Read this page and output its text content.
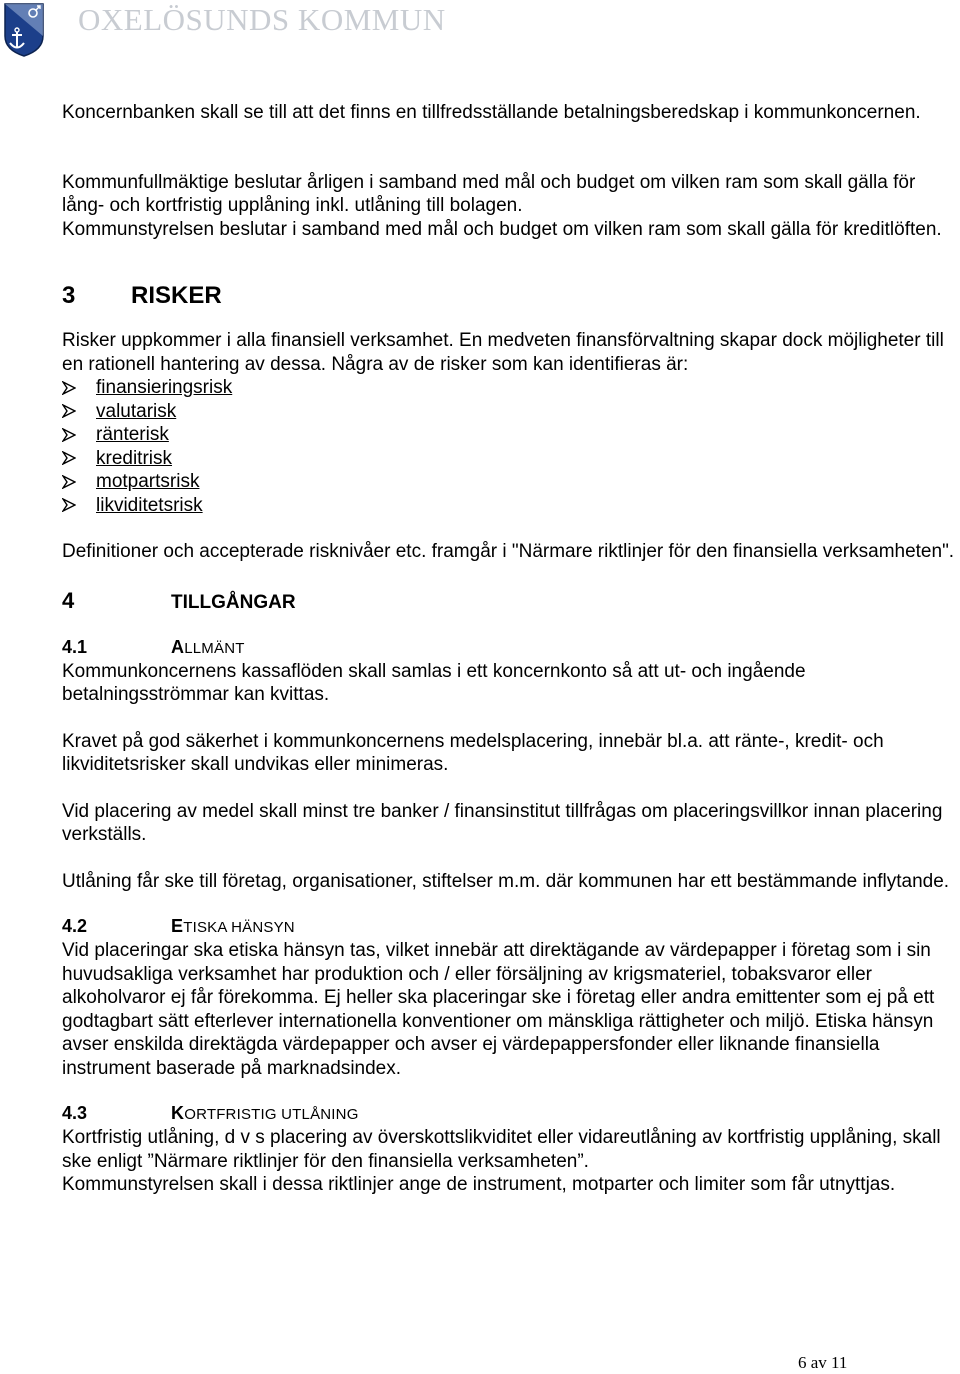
OXELÖSUNDS KOMMUN

Koncernbanken skall se till att det finns en tillfredsställande betalningsberedskap i kommunkoncernen.

Kommunfullmäktige beslutar årligen i samband med mål och budget om vilken ram som skall gälla för lång- och kortfristig upplåning inkl. utlåning till bolagen.

Kommunstyrelsen beslutar i samband med mål och budget om vilken ram som skall gälla för kreditlöften.

3	RISKER

Risker uppkommer i alla finansiell verksamhet. En medveten finansförvaltning skapar dock möjligheter till en rationell hantering av dessa. Några av de risker som kan identifieras är:

finansieringsrisk
valutarisk
ränterisk
kreditrisk
motpartsrisk
likviditetsrisk

Definitioner och accepterade risknivåer etc. framgår i "Närmare riktlinjer för den finansiella verksamheten".

4	TILLGÅNGAR
4.1	ALLMÄNT

Kommunkoncernens kassaflöden skall samlas i ett koncernkonto så att ut- och ingående betalningsströmmar kan kvittas.

Kravet på god säkerhet i kommunkoncernens medelsplacering, innebär bl.a. att ränte-, kredit- och likviditetsrisker skall undvikas eller minimeras.

Vid placering av medel skall minst tre banker / finansinstitut tillfrågas om placeringsvillkor innan placering verkställs.

Utlåning får ske till företag, organisationer, stiftelser m.m. där kommunen har ett bestämmande inflytande.

4.2	ETISKA HÄNSYN

Vid placeringar ska etiska hänsyn tas, vilket innebär att direktägande av värdepapper i företag som i sin huvudsakliga verksamhet har produktion och / eller försäljning av krigsmateriel, tobaksvaror eller alkoholvaror ej får förekomma. Ej heller ska placeringar ske i företag eller andra emittenter som ej på ett godtagbart sätt efterlever internationella konventioner om mänskliga rättigheter och miljö. Etiska hänsyn avser enskilda direktägda värdepapper och avser ej värdepappersfonder eller liknande finansiella instrument baserade på marknadsindex.

4.3	KORTFRISTIG UTLÅNING

Kortfristig utlåning, d v s placering av överskottslikviditet eller vidareutlåning av kortfristig upplåning, skall ske enligt ”Närmare riktlinjer för den finansiella verksamheten”.

Kommunstyrelsen skall i dessa riktlinjer ange de instrument, motparter och limiter som får utnyttjas.

6 av 11
